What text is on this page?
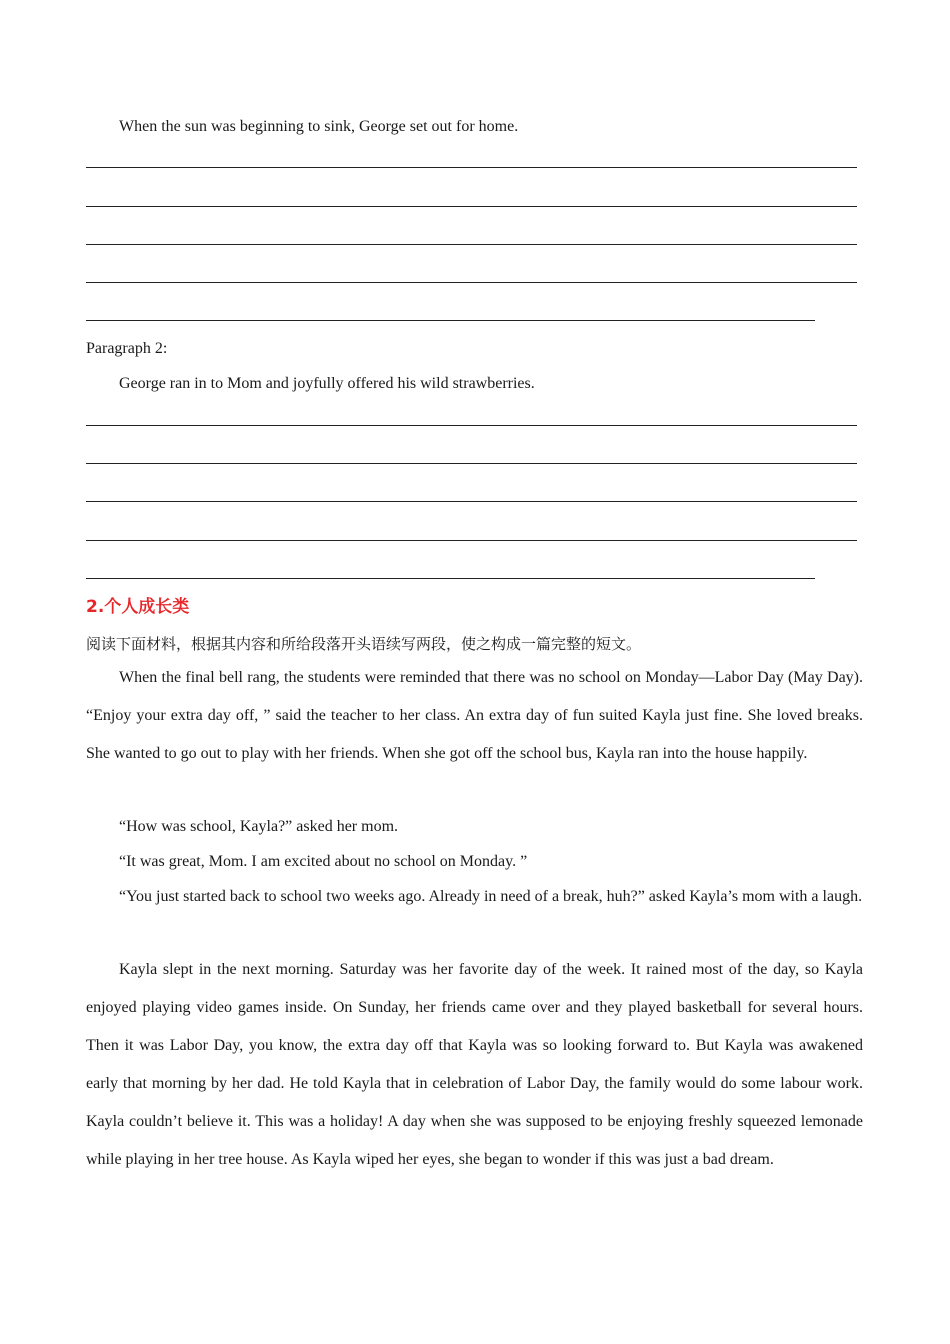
When the sun was beginning to sink, George set out for home.

Paragraph 2:

George ran in to Mom and joyfully offered his wild strawberries.

2.个人成长类

阅读下面材料，根据其内容和所给段落开头语续写两段，使之构成一篇完整的短文。

When the final bell rang, the students were reminded that there was no school on Monday—Labor Day (May Day). “Enjoy your extra day off, ” said the teacher to her class. An extra day of fun suited Kayla just fine. She loved breaks. She wanted to go out to play with her friends. When she got off the school bus, Kayla ran into the house happily.

“How was school, Kayla?” asked her mom.

“It was great, Mom. I am excited about no school on Monday. ”

“You just started back to school two weeks ago. Already in need of a break, huh?” asked Kayla’s mom with a laugh.

Kayla slept in the next morning. Saturday was her favorite day of the week. It rained most of the day, so Kayla enjoyed playing video games inside. On Sunday, her friends came over and they played basketball for several hours. Then it was Labor Day, you know, the extra day off that Kayla was so looking forward to. But Kayla was awakened early that morning by her dad. He told Kayla that in celebration of Labor Day, the family would do some labour work. Kayla couldn’t believe it. This was a holiday! A day when she was supposed to be enjoying freshly squeezed lemonade while playing in her tree house. As Kayla wiped her eyes, she began to wonder if this was just a bad dream.
